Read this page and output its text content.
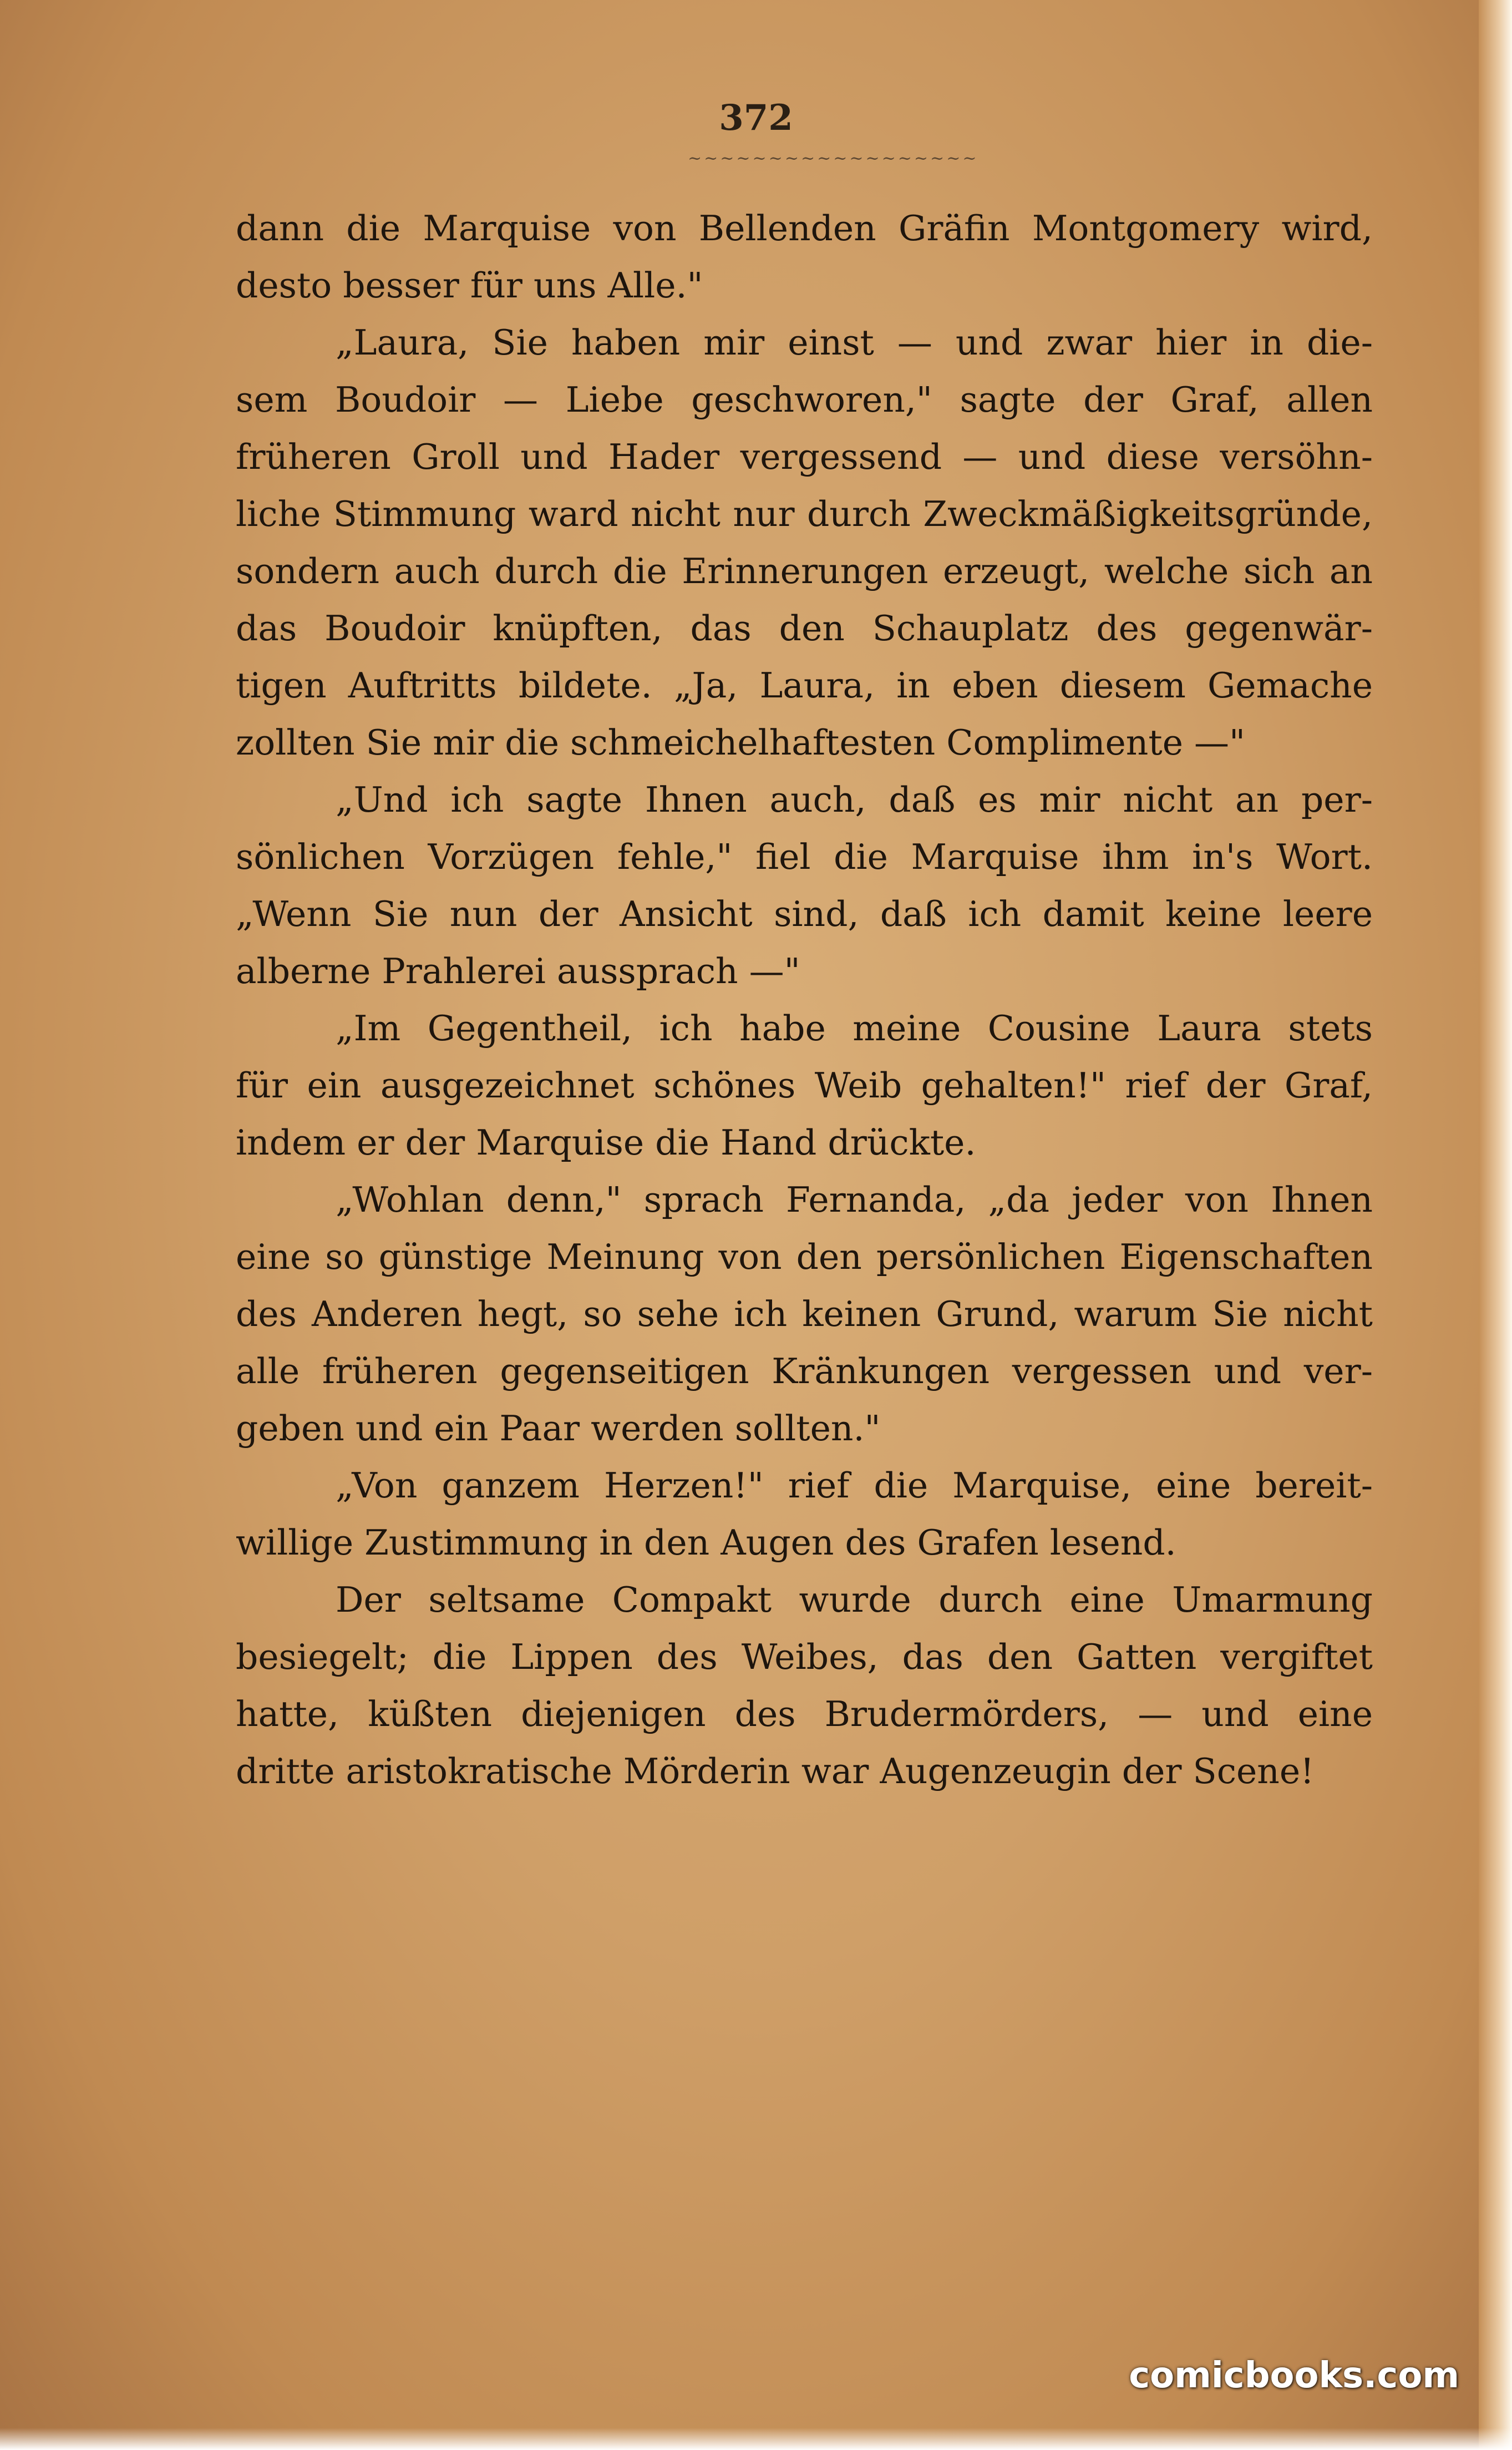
372
~~~~~~~~~~~~~~~~~~
dann die Marquise von Bellenden Gräfin Montgomery wird,
desto besser für uns Alle."
„Laura, Sie haben mir einst — und zwar hier in die-
sem Boudoir — Liebe geschworen," sagte der Graf, allen
früheren Groll und Hader vergessend — und diese versöhn-
liche Stimmung ward nicht nur durch Zweckmäßigkeitsgründe,
sondern auch durch die Erinnerungen erzeugt, welche sich an
das Boudoir knüpften, das den Schauplatz des gegenwär-
tigen Auftritts bildete. „Ja, Laura, in eben diesem Gemache
zollten Sie mir die schmeichelhaftesten Complimente —"
„Und ich sagte Ihnen auch, daß es mir nicht an per-
sönlichen Vorzügen fehle," fiel die Marquise ihm in's Wort.
„Wenn Sie nun der Ansicht sind, daß ich damit keine leere
alberne Prahlerei aussprach —"
„Im Gegentheil, ich habe meine Cousine Laura stets
für ein ausgezeichnet schönes Weib gehalten!" rief der Graf,
indem er der Marquise die Hand drückte.
„Wohlan denn," sprach Fernanda, „da jeder von Ihnen
eine so günstige Meinung von den persönlichen Eigenschaften
des Anderen hegt, so sehe ich keinen Grund, warum Sie nicht
alle früheren gegenseitigen Kränkungen vergessen und ver-
geben und ein Paar werden sollten."
„Von ganzem Herzen!" rief die Marquise, eine bereit-
willige Zustimmung in den Augen des Grafen lesend.
Der seltsame Compakt wurde durch eine Umarmung
besiegelt; die Lippen des Weibes, das den Gatten vergiftet
hatte, küßten diejenigen des Brudermörders, — und eine
dritte aristokratische Mörderin war Augenzeugin der Scene!
comicbooks.com
